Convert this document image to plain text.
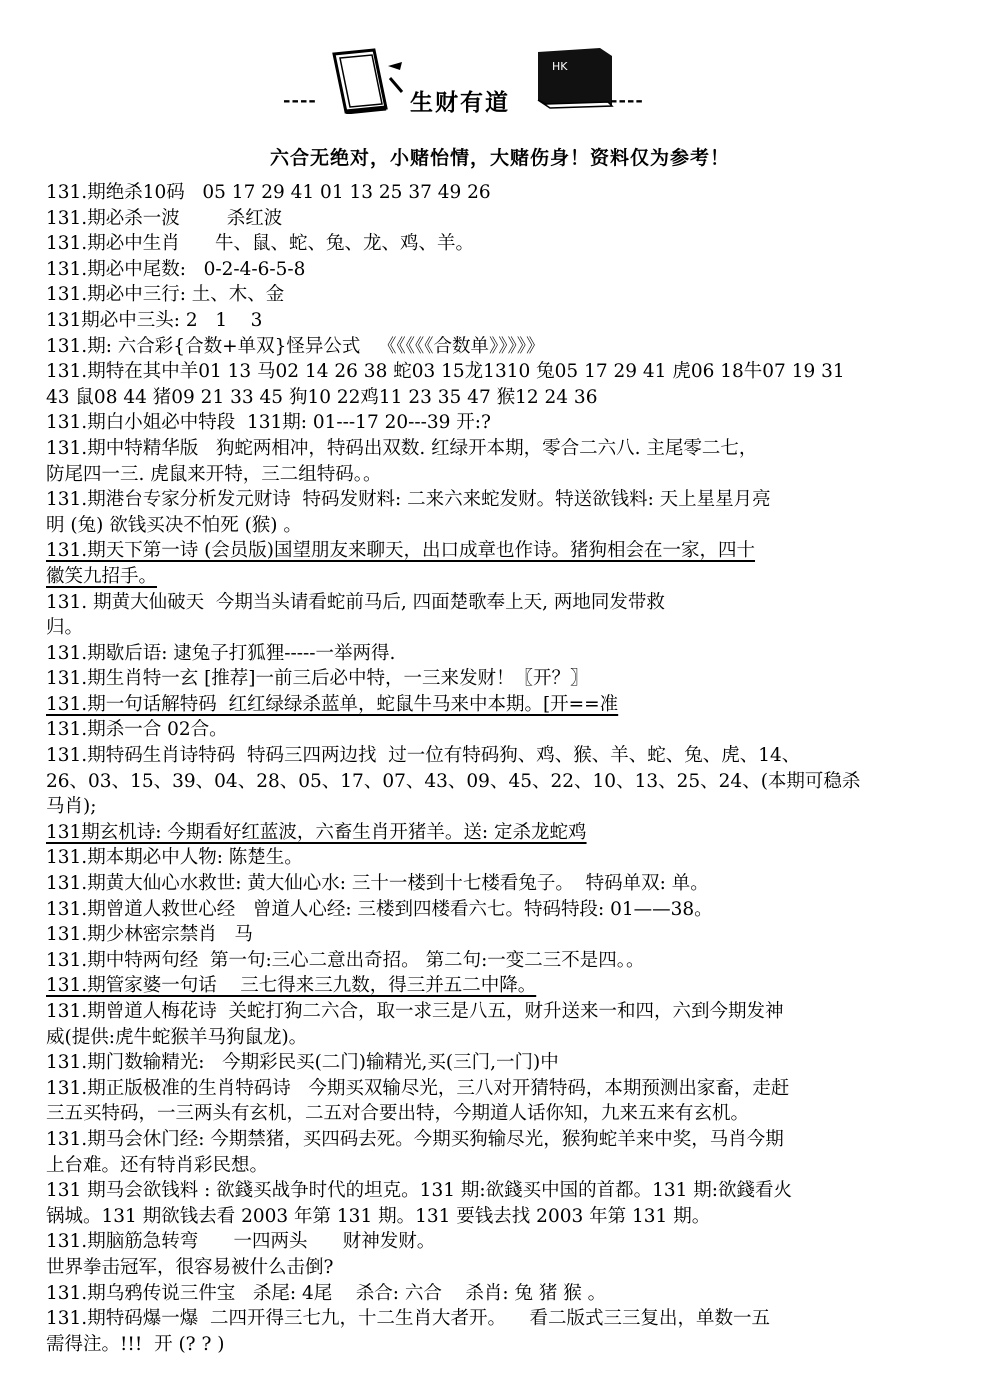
----	生财有道
HK
----
六合无绝对，小赌怡情，大赌伤身！资料仅为参考！
131.期绝杀10码   05 17 29 41 01 13 25 37 49 26
131.期必杀一波        杀红波
131.期必中生肖      牛、鼠、蛇、兔、龙、鸡、羊。
131.期必中尾数:   0-2-4-6-5-8
131.期必中三行: 土、木、金
131期必中三头: 2   1    3
131.期: 六合彩{合数+单双}怪异公式   《《《《《合数单》》》》》
131.期特在其中羊01 13 马02 14 26 38 蛇03 15龙1310 兔05 17 29 41 虎06 18牛07 19 31
43 鼠08 44 猪09 21 33 45 狗10 22鸡11 23 35 47 猴12 24 36
131.期白小姐必中特段  131期: 01---17 20---39 开:?
131.期中特精华版   狗蛇两相冲，特码出双数. 红绿开本期，零合二六八. 主尾零二七，
防尾四一三. 虎鼠来开特，三二组特码。。
131.期港台专家分析发元财诗  特码发财料: 二来六来蛇发财。特送欲钱料: 天上星星月亮
明 (兔) 欲钱买决不怕死 (猴) 。
131.期天下第一诗 (会员版)国望朋友来聊天，出口成章也作诗。猪狗相会在一家，四十
徽笑九招手。
131. 期黄大仙破天  今期当头请看蛇前马后, 四面楚歌奉上天, 两地同发带救
归。
131.期歇后语: 逮兔子打狐狸-----一举两得.
131.期生肖特一玄 [推荐]一前三后必中特，一三来发财！〖开？〗
131.期一句话解特码  红红绿绿杀蓝单，蛇鼠牛马来中本期。[开==准
131.期杀一合 02合。
131.期特码生肖诗特码  特码三四两边找  过一位有特码狗、鸡、猴、羊、蛇、兔、虎、14、
26、03、15、39、04、28、05、17、07、43、09、45、22、10、13、25、24、(本期可稳杀
马肖);
131期玄机诗: 今期看好红蓝波，六畜生肖开猪羊。送: 定杀龙蛇鸡
131.期本期必中人物: 陈楚生。
131.期黄大仙心水救世: 黄大仙心水: 三十一楼到十七楼看兔子。  特码单双: 单。
131.期曾道人救世心经   曾道人心经: 三楼到四楼看六七。特码特段: 01——38。
131.期少林密宗禁肖   马
131.期中特两句经  第一句:三心二意出奇招。 第二句:一变二三不是四。。
131.期管家婆一句话    三七得来三九数，得三并五二中降。
131.期曾道人梅花诗  关蛇打狗二六合，取一求三是八五，财升送来一和四，六到今期发神
威(提供:虎牛蛇猴羊马狗鼠龙)。
131.期门数输精光:   今期彩民买(二门)输精光,买(三门,一门)中
131.期正版极准的生肖特码诗   今期买双输尽光，三八对开猜特码，本期预测出家畜，走赶
三五买特码，一三两头有玄机，二五对合要出特，今期道人话你知，九来五来有玄机。
131.期马会休门经: 今期禁猪，买四码去死。今期买狗输尽光，猴狗蛇羊来中奖，马肖今期
上台难。还有特肖彩民想。
131 期马会欲钱料 : 欲錢买战争时代的坦克。131 期:欲錢买中国的首都。131 期:欲錢看火
锅城。131 期欲钱去看 2003 年第 131 期。131 要钱去找 2003 年第 131 期。
131.期脑筋急转弯      一四两头      财神发财。
世界拳击冠军，很容易被什么击倒?
131.期乌鸦传说三件宝   杀尾: 4尾    杀合: 六合    杀肖: 兔 猪 猴 。
131.期特码爆一爆  二四开得三七九，十二生肖大者开。    看二版式三三复出，单数一五
需得注。!!!  开 (? ? )
